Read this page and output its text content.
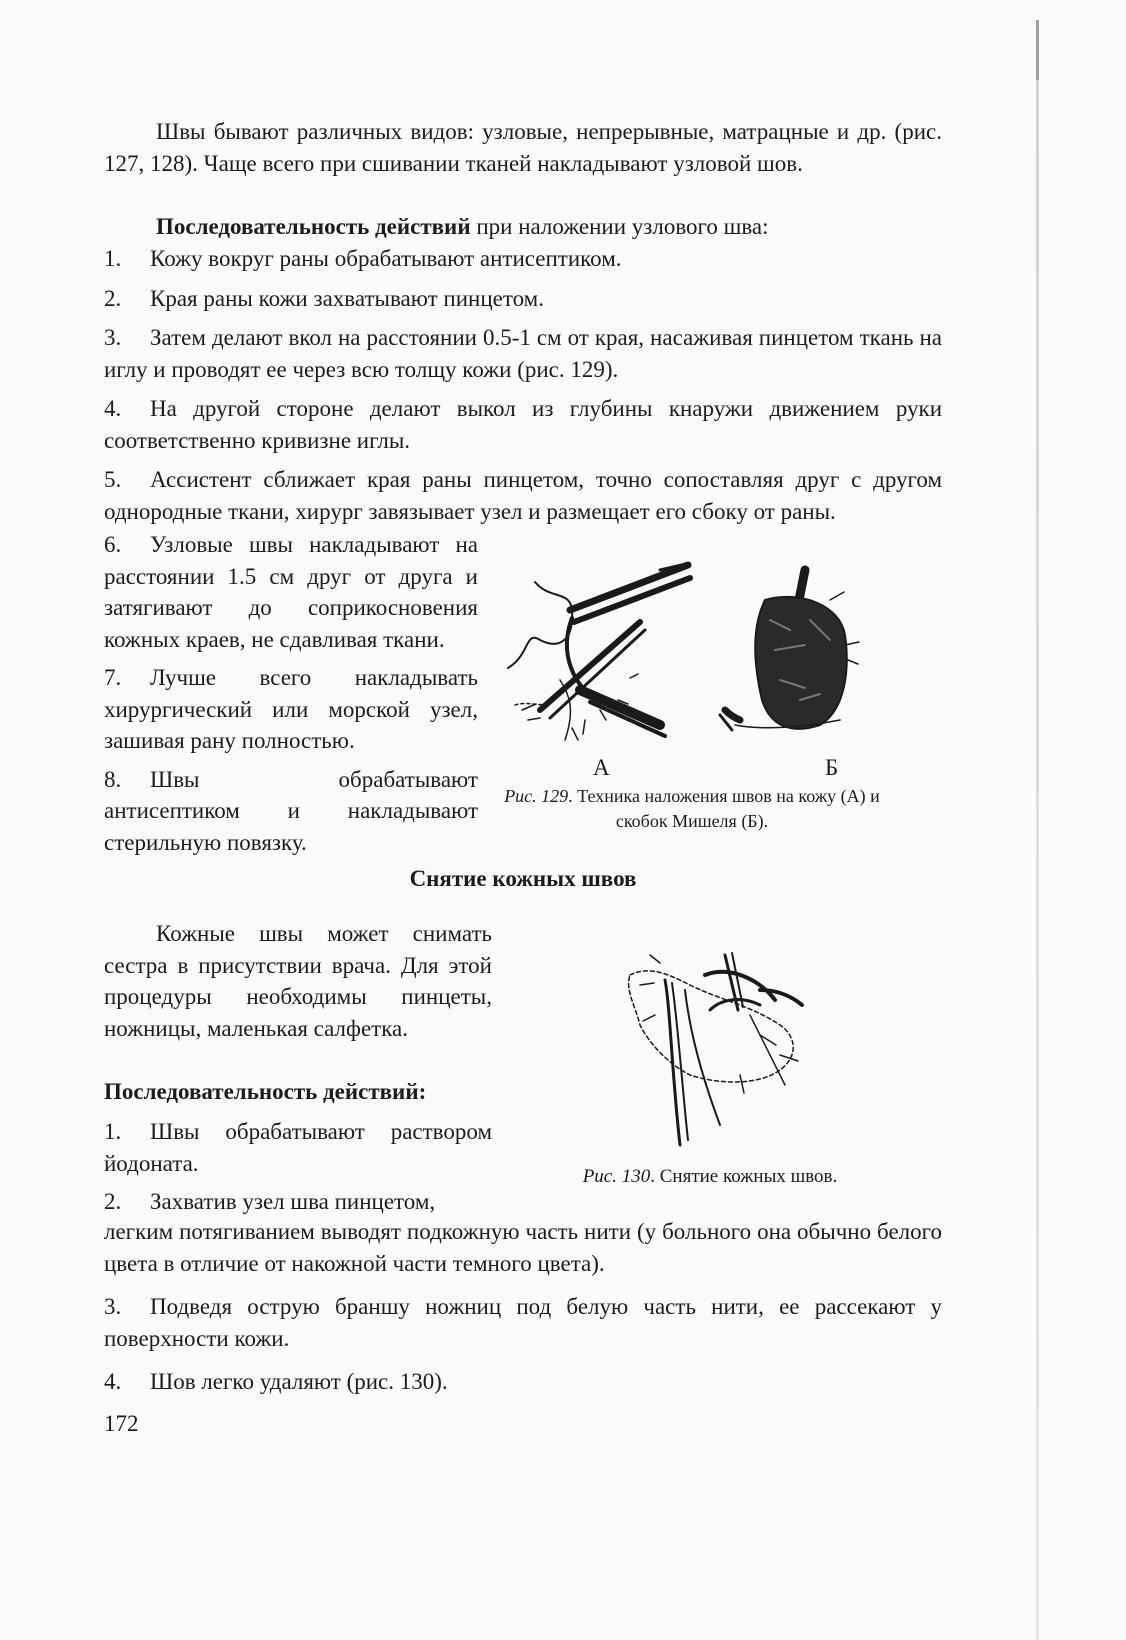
Швы бывают различных видов: узловые, непрерывные, матрацные и др. (рис. 127, 128). Чаще всего при сшивании тканей накладывают узловой шов.

Последовательность действий при наложении узлового шва:

1. Кожу вокруг раны обрабатывают антисептиком.
2. Края раны кожи захватывают пинцетом.
3. Затем делают вкол на расстоянии 0.5-1 см от края, насаживая пинцетом ткань на иглу и проводят ее через всю толщу кожи (рис. 129).
4. На другой стороне делают выкол из глубины кнаружи движением руки соответственно кривизне иглы.
5. Ассистент сближает края раны пинцетом, точно сопоставляя друг с другом однородные ткани, хирург завязывает узел и размещает его сбоку от раны.
6. Узловые швы накладывают на расстоянии 1.5 см друг от друга и затягивают до соприкосновения кожных краев, не сдавливая ткани.
7. Лучше всего накладывать хирургический или морской узел, зашивая рану полностью.
8. Швы обрабатывают антисептиком и накладывают стерильную повязку.
А	Б
Рис. 129. Техника наложения швов на кожу (А) и скобок Мишеля (Б).
Снятие кожных швов

Кожные швы может снимать сестра в присутствии врача. Для этой процедуры необходимы пинцеты, ножницы, маленькая салфетка.

Последовательность действий:

1. Швы обрабатывают раствором йодоната.
2. Захватив узел шва пинцетом,
легким потягиванием выводят подкожную часть нити (у больного она обычно белого цвета в отличие от накожной части темного цвета).
3. Подведя острую браншу ножниц под белую часть нити, ее рассекают у поверхности кожи.
4. Шов легко удаляют (рис. 130).
Рис. 130. Снятие кожных швов.
172
